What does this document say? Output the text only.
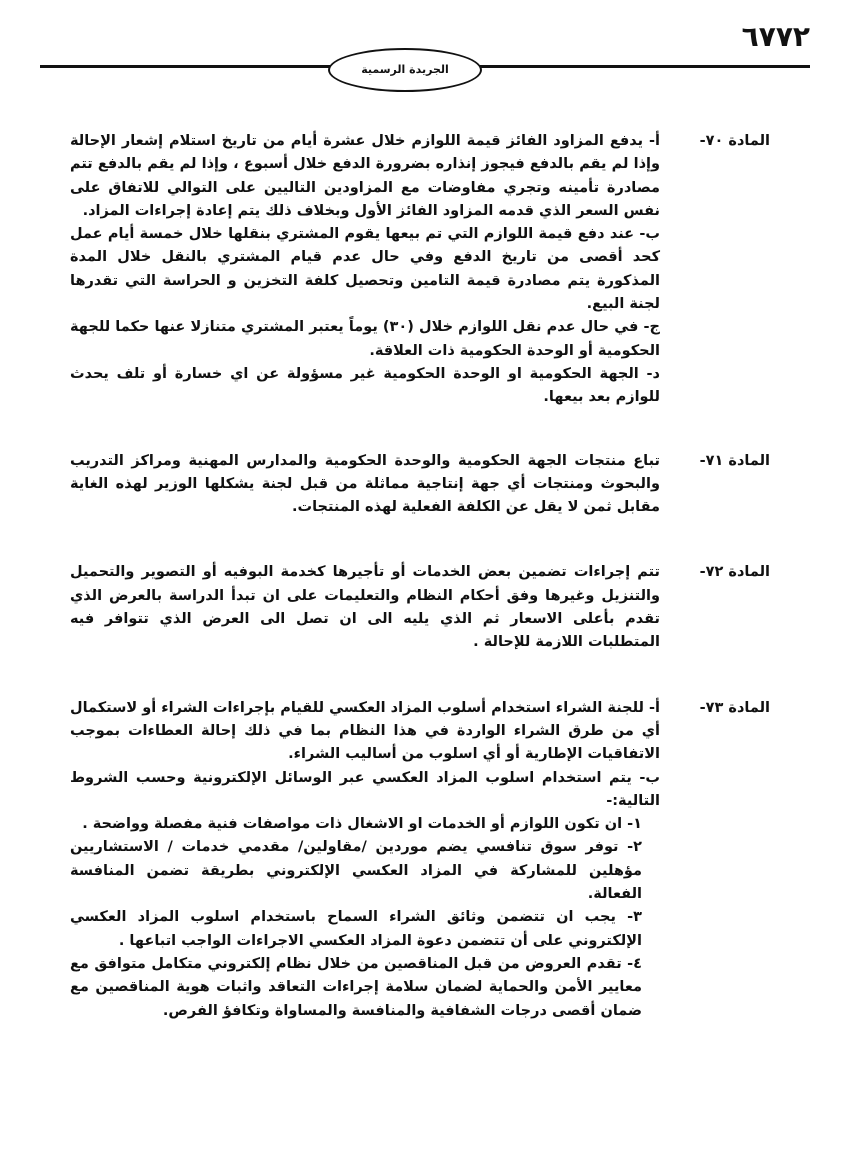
٦٧٧٢
الجريدة الرسمية
المادة ٧٠-

أ- يدفع المزاود الفائز قيمة اللوازم خلال عشرة أيام من تاريخ استلام إشعار الإحالة وإذا لم يقم بالدفع فيجوز إنذاره بضرورة الدفع خلال أسبوع ، وإذا لم يقم بالدفع تتم مصادرة تأمينه وتجري مفاوضات مع المزاودين التاليين على التوالي للاتفاق على نفس السعر الذي قدمه المزاود الفائز الأول وبخلاف ذلك يتم إعادة إجراءات المزاد.

ب- عند دفع قيمة اللوازم التي تم بيعها يقوم المشتري بنقلها خلال خمسة أيام عمل كحد أقصى من تاريخ الدفع وفي حال عدم قيام المشتري بالنقل خلال المدة المذكورة يتم مصادرة قيمة التامين وتحصيل كلفة التخزين و الحراسة التي تقدرها لجنة البيع.

ج- في حال عدم نقل اللوازم خلال (٣٠) يوماً يعتبر المشتري متنازلا عنها حكما للجهة الحكومية أو الوحدة الحكومية ذات العلاقة.

د- الجهة الحكومية او الوحدة الحكومية غير مسؤولة عن اي خسارة أو تلف يحدث للوازم بعد بيعها.

المادة ٧١-

تباع منتجات الجهة الحكومية والوحدة الحكومية والمدارس المهنية ومراكز التدريب والبحوث ومنتجات أي جهة إنتاجية مماثلة من قبل لجنة يشكلها الوزير لهذه الغاية مقابل ثمن لا يقل عن الكلفة الفعلية لهذه المنتجات.

المادة ٧٢-

تتم إجراءات تضمين بعض الخدمات أو تأجيرها كخدمة البوفيه أو التصوير والتحميل والتنزيل وغيرها وفق أحكام النظام والتعليمات على ان تبدأ الدراسة بالعرض الذي تقدم بأعلى الاسعار ثم الذي يليه الى ان تصل الى العرض الذي تتوافر فيه المتطلبات اللازمة للإحالة .

المادة ٧٣-

أ- للجنة الشراء استخدام أسلوب المزاد العكسي للقيام بإجراءات الشراء أو لاستكمال أي من طرق الشراء الواردة في هذا النظام بما في ذلك إحالة العطاءات بموجب الاتفاقيات الإطارية أو أي اسلوب من أساليب الشراء.

ب- يتم استخدام اسلوب المزاد العكسي عبر الوسائل الإلكترونية وحسب الشروط التالية:-

١- ان تكون اللوازم أو الخدمات او الاشغال ذات مواصفات فنية مفصلة وواضحة .

٢- توفر سوق تنافسي يضم موردين /مقاولين/ مقدمي خدمات / الاستشاريين مؤهلين للمشاركة في المزاد العكسي الإلكتروني بطريقة تضمن المنافسة الفعالة.

٣- يجب ان تتضمن وثائق الشراء السماح باستخدام اسلوب المزاد العكسي الإلكتروني على أن تتضمن دعوة المزاد العكسي الاجراءات الواجب اتباعها .

٤- تقدم العروض من قبل المناقصين من خلال نظام إلكتروني متكامل متوافق مع معايير الأمن والحماية لضمان سلامة إجراءات التعاقد واثبات هوية المناقصين مع ضمان أقصى درجات الشفافية والمنافسة والمساواة وتكافؤ الفرص.
